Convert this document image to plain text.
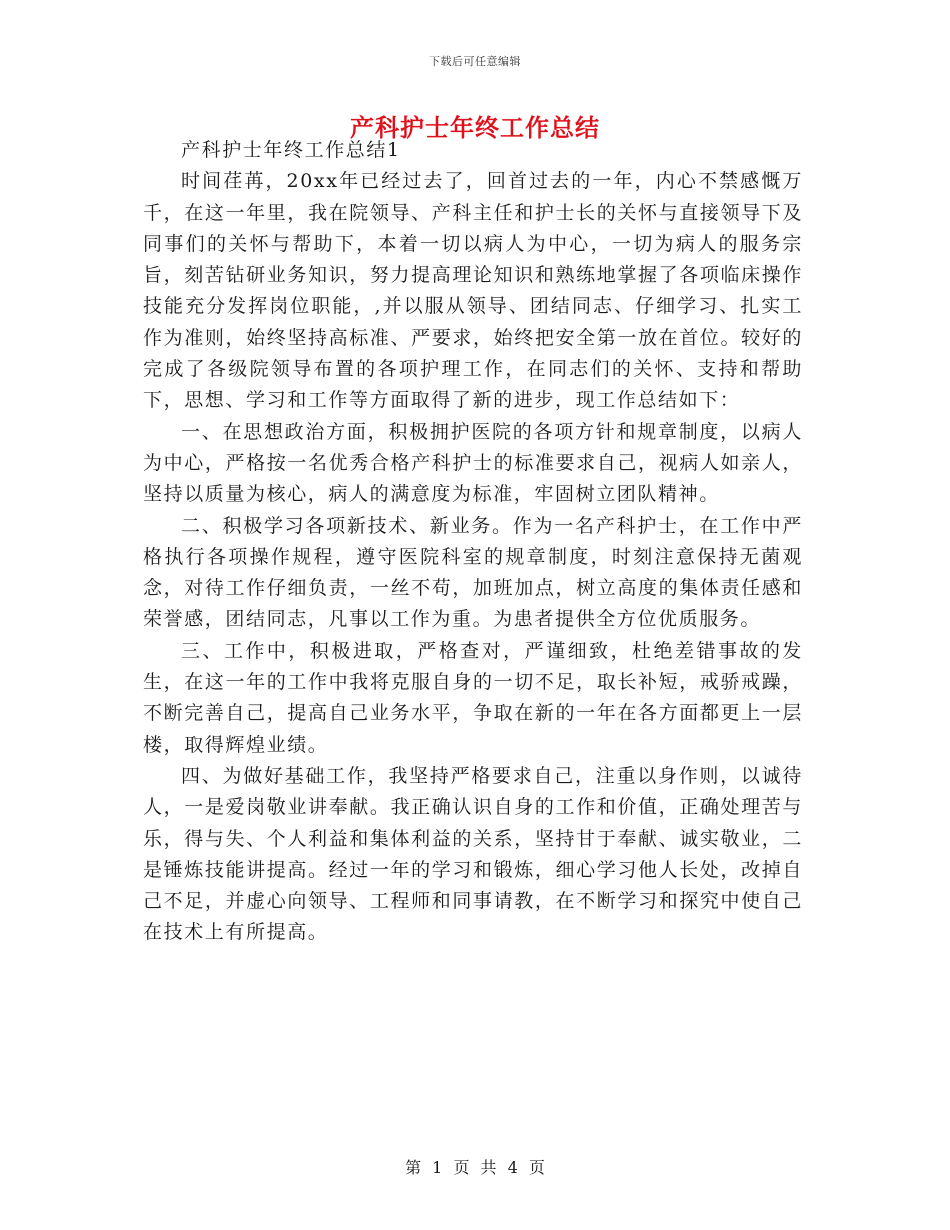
下载后可任意编辑
产科护士年终工作总结

产科护士年终工作总结1

时间荏苒，20xx年已经过去了，回首过去的一年，内心不禁感慨万千，在这一年里，我在院领导、产科主任和护士长的关怀与直接领导下及同事们的关怀与帮助下，本着一切以病人为中心，一切为病人的服务宗旨，刻苦钻研业务知识，努力提高理论知识和熟练地掌握了各项临床操作技能充分发挥岗位职能，,并以服从领导、团结同志、仔细学习、扎实工作为准则，始终坚持高标准、严要求，始终把安全第一放在首位。较好的完成了各级院领导布置的各项护理工作，在同志们的关怀、支持和帮助下，思想、学习和工作等方面取得了新的进步，现工作总结如下：

一、在思想政治方面，积极拥护医院的各项方针和规章制度，以病人为中心，严格按一名优秀合格产科护士的标准要求自己，视病人如亲人，坚持以质量为核心，病人的满意度为标准，牢固树立团队精神。

二、积极学习各项新技术、新业务。作为一名产科护士，在工作中严格执行各项操作规程，遵守医院科室的规章制度，时刻注意保持无菌观念，对待工作仔细负责，一丝不苟，加班加点，树立高度的集体责任感和荣誉感，团结同志，凡事以工作为重。为患者提供全方位优质服务。

三、工作中，积极进取，严格查对，严谨细致，杜绝差错事故的发生，在这一年的工作中我将克服自身的一切不足，取长补短，戒骄戒躁，不断完善自己，提高自己业务水平，争取在新的一年在各方面都更上一层楼，取得辉煌业绩。

四、为做好基础工作，我坚持严格要求自己，注重以身作则，以诚待人，一是爱岗敬业讲奉献。我正确认识自身的工作和价值，正确处理苦与乐，得与失、个人利益和集体利益的关系，坚持甘于奉献、诚实敬业，二是锤炼技能讲提高。经过一年的学习和锻炼，细心学习他人长处，改掉自己不足，并虚心向领导、工程师和同事请教，在不断学习和探究中使自己在技术上有所提高。

第 1 页 共 4 页
